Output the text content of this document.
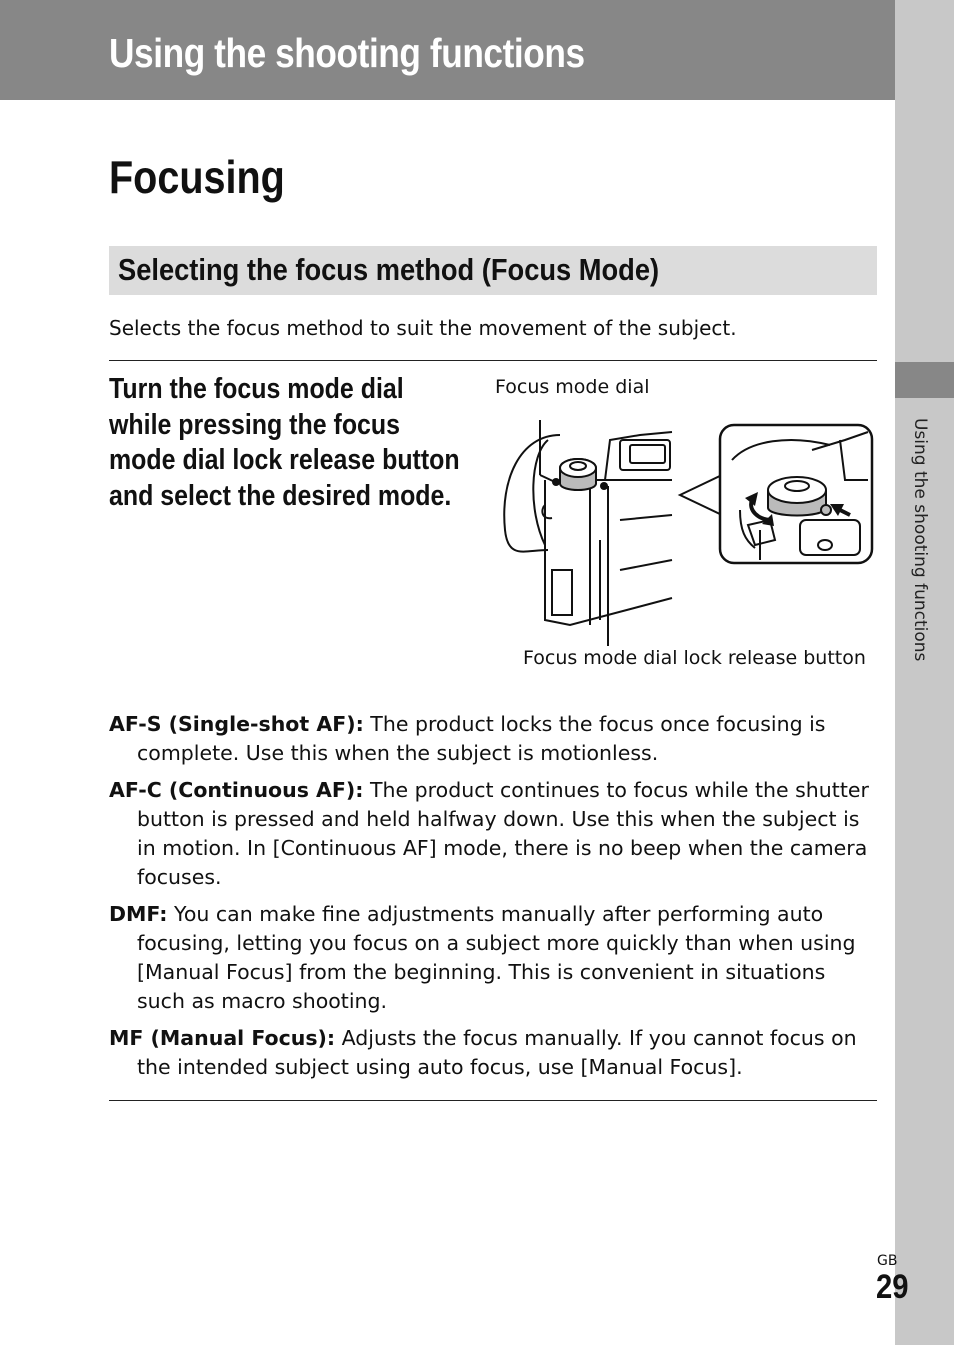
Using the shooting functions
Using the shooting functions
Focusing
Selecting the focus method (Focus Mode)

Selects the focus method to suit the movement of the subject.

Turn the focus mode dial while pressing the focus mode dial lock release button and select the desired mode.

Focus mode dial

Focus mode dial lock release button

AF-S (Single-shot AF): The product locks the focus once focusing is complete. Use this when the subject is motionless.
AF-C (Continuous AF): The product continues to focus while the shutter button is pressed and held halfway down. Use this when the subject is in motion. In [Continuous AF] mode, there is no beep when the camera focuses.
DMF: You can make fine adjustments manually after performing auto focusing, letting you focus on a subject more quickly than when using [Manual Focus] from the beginning. This is convenient in situations such as macro shooting.
MF (Manual Focus): Adjusts the focus manually. If you cannot focus on the intended subject using auto focus, use [Manual Focus].
GB
29
